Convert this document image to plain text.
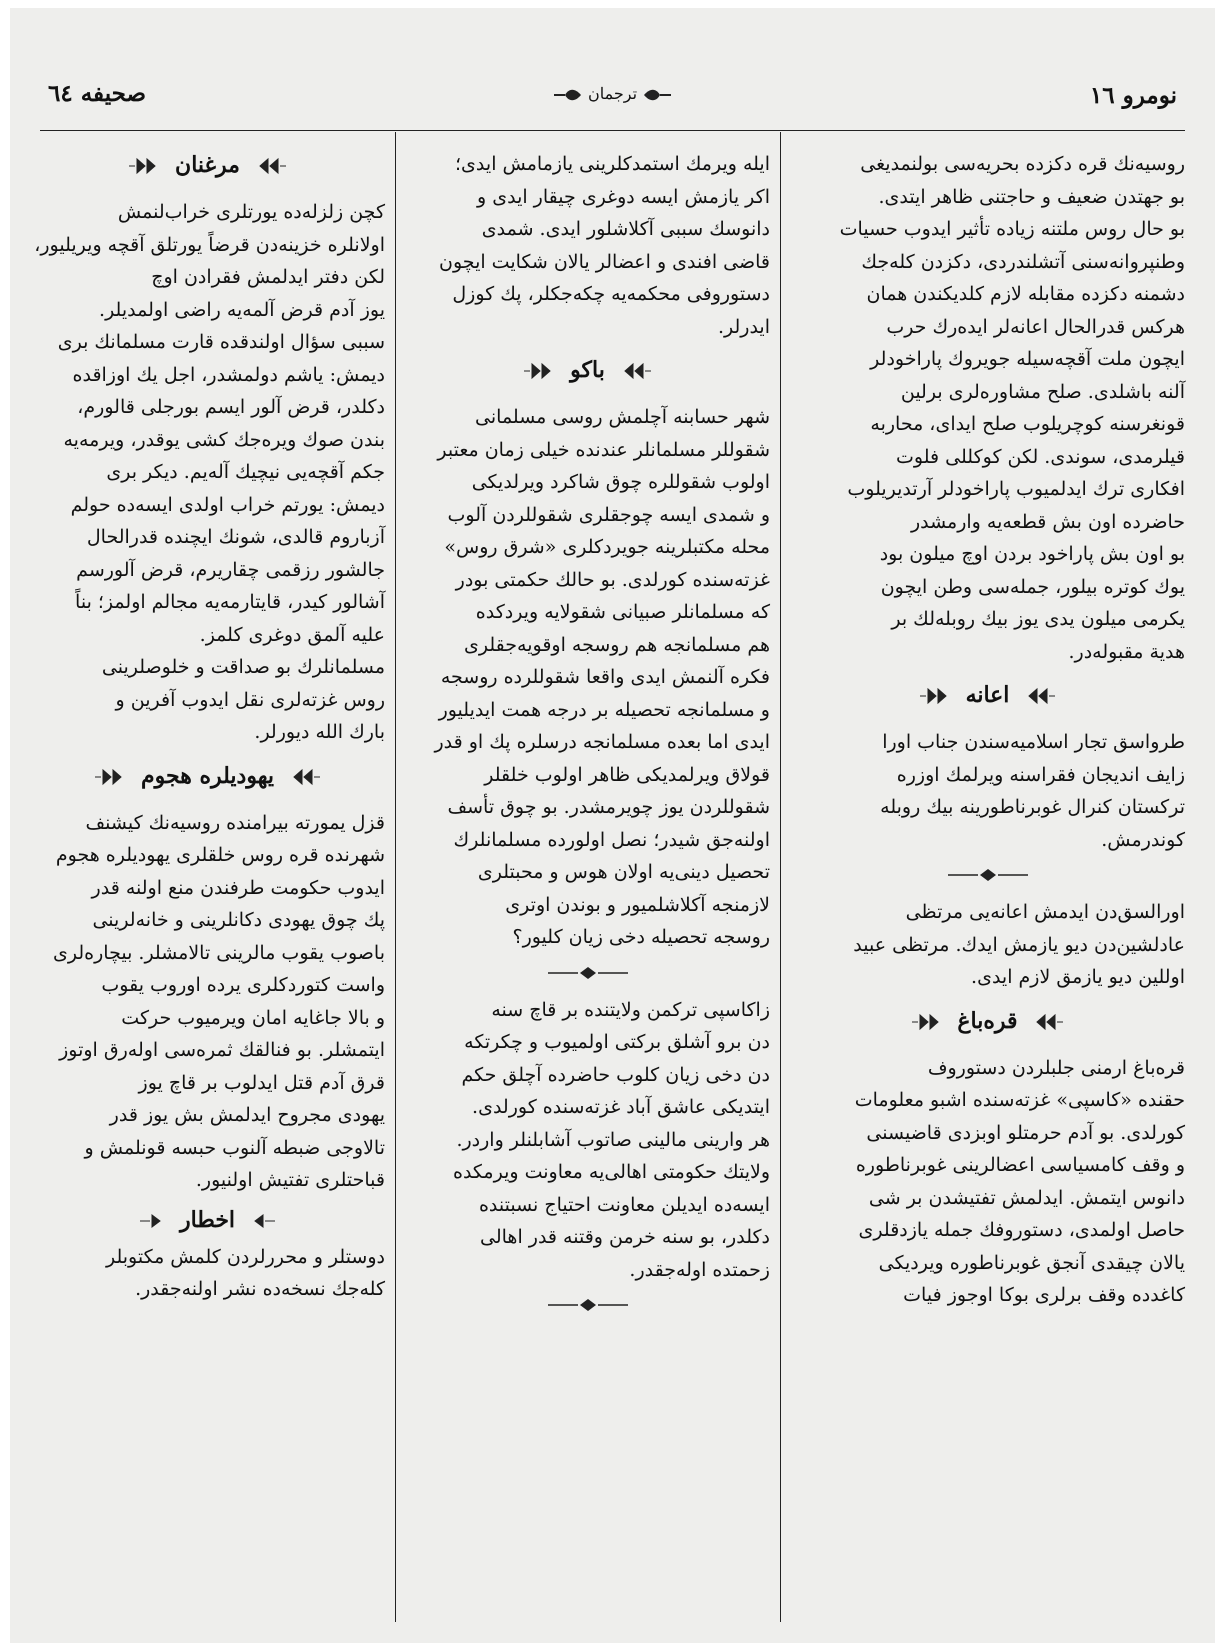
نومرو ١٦
ترجمان
صحيفه ٦٤

روسيه‌نك قره دكزده بحريه‌سى بولنمديغى

بو جهتدن ضعيف و حاجتنى ظاهر ايتدى.

بو حال روس ملتنه زياده تأثير ايدوب حسيات

وطنپروانه‌سنى آتشلندردى، دكزدن كله‌جك

دشمنه دكزده مقابله لازم كلديكندن همان

هركس قدرالحال اعانه‌لر ايده‌رك حرب

ايچون ملت آقچه‌سيله جويروك پاراخودلر

آلنه باشلدى. صلح مشاوره‌لرى برلين

قونغرسنه كوچريلوب صلح ايداى، محاربه

قيلرمدى، سوندى. لكن كوكللى فلوت

افكارى ترك ايدلميوب پاراخودلر آرتديريلوب

حاضرده اون بش قطعه‌يه وارمشدر

بو اون بش پاراخود بردن اوچ ميلون بود

يوك كوتره بيلور، جمله‌سى وطن ايچون

يكرمى ميلون يدى يوز بيك روبله‌لك بر

هدية مقبوله‌در.

اعانه

طرواسق تجار اسلاميه‌سندن جناب اورا

زايف انديجان فقراسنه ويرلمك اوزره

تركستان كنرال غوبرناطورينه بيك روبله

كوندرمش.

اورالسق‌دن ايدمش اعانه‌يى مرتظى

عادلشين‌دن ديو يازمش ايدك. مرتظى عبيد

اوللين ديو يازمق لازم ايدى.

قره‌باغ

قره‌باغ ارمنى جلبلردن دستوروف

حقنده «كاسپى» غزته‌سنده اشبو معلومات

كورلدى. بو آدم حرمتلو اوبزدى قاضيسنى

و وقف كامسياسى اعضالرينى غوبرناطوره

دانوس ايتمش. ايدلمش تفتيشدن بر شى

حاصل اولمدى، دستوروفك جمله يازدقلرى

يالان چيقدى آنجق غوبرناطوره ويرديكى

كاغدده وقف برلرى بوكا اوجوز فيات

ايله ويرمك استمدكلرينى يازمامش ايدى؛

اكر يازمش ايسه دوغرى چيقار ايدى و

دانوسك سببى آكلاشلور ايدى. شمدى

قاضى افندى و اعضالر يالان شكايت ايچون

دستوروفى محكمه‌يه چكه‌جكلر، پك كوزل

ايدرلر.

باكو

شهر حسابنه آچلمش روسى مسلمانى

شقوللر مسلمانلر عندنده خيلى زمان معتبر

اولوب شقوللره چوق شاكرد ويرلديكى

و شمدى ايسه چوجقلرى شقوللردن آلوب

محله مكتبلرينه جويردكلرى «شرق روس»

غزته‌سنده كورلدى. بو حالك حكمتى بودر

كه مسلمانلر صبيانى شقولايه ويردكده

هم مسلمانجه هم روسجه اوقويه‌جقلرى

فكره آلنمش ايدى واقعا شقوللرده روسجه

و مسلمانجه تحصيله بر درجه همت ايديليور

ايدى اما بعده مسلمانجه درسلره پك او قدر

قولاق ويرلمديكى ظاهر اولوب خلقلر

شقوللردن يوز چويرمشدر. بو چوق تأسف

اولنه‌جق شيدر؛ نصل اولورده مسلمانلرك

تحصيل دينى‌يه اولان هوس و محبتلرى

لازمنجه آكلاشلميور و بوندن اوترى

روسجه تحصيله دخى زيان كليور؟

زاكاسپى تركمن ولايتنده بر قاچ سنه

دن برو آشلق بركتى اولميوب و چكرتكه

دن دخى زيان كلوب حاضرده آچلق حكم

ايتديكى عاشق آباد غزته‌سنده كورلدى.

هر وارينى مالينى صاتوب آشابلنلر واردر.

ولايتك حكومتى اهالى‌يه معاونت ويرمكده

ايسه‌ده ايديلن معاونت احتياج نسبتنده

دكلدر، بو سنه خرمن وقتنه قدر اهالى

زحمتده اوله‌جقدر.

مرغنان

كچن زلزله‌ده يورتلرى خراب‌لنمش

اولانلره خزينه‌دن قرضاً يورتلق آقچه ويريليور،

لكن دفتر ايدلمش فقرادن اوچ

يوز آدم قرض آلمه‌يه راضى اولمديلر.

سببى سؤال اولندقده قارت مسلمانك برى

ديمش: ياشم دولمشدر، اجل يك اوزاقده

دكلدر، قرض آلور ايسم بورجلى قالورم،

بندن صوك ويره‌جك كشى يوقدر، ويرمه‌يه

جكم آقچه‌يى نيچيك آله‌يم. ديكر برى

ديمش: يورتم خراب اولدى ايسه‌ده حولم

آزباروم قالدى، شونك ايچنده قدرالحال

جالشور رزقمى چقاريرم، قرض آلورسم

آشالور كيدر، قايتارمه‌يه مجالم اولمز؛ بناً

عليه آلمق دوغرى كلمز.

مسلمانلرك بو صداقت و خلوصلرينى

روس غزته‌لرى نقل ايدوب آفرين و

بارك الله ديورلر.

يهوديلره هجوم

قزل يمورته بيرامنده روسيه‌نك كيشنف

شهرنده قره روس خلقلرى يهوديلره هجوم

ايدوب حكومت طرفندن منع اولنه قدر

پك چوق يهودى دكانلرينى و خانه‌لرينى

باصوب يقوب مالرينى تالامشلر. بيچاره‌لرى

واست كتوردكلرى يرده اوروب يقوب

و بالا جاغايه امان ويرميوب حركت

ايتمشلر. بو فنالقك ثمره‌سى اوله‌رق اوتوز

قرق آدم قتل ايدلوب بر قاچ يوز

يهودى مجروح ايدلمش بش يوز قدر

تالاوجى ضبطه آلنوب حبسه قونلمش و

قباحتلرى تفتيش اولنيور.

اخطار

دوستلر و محررلردن كلمش مكتوبلر

كله‌جك نسخه‌ده نشر اولنه‌جقدر.
